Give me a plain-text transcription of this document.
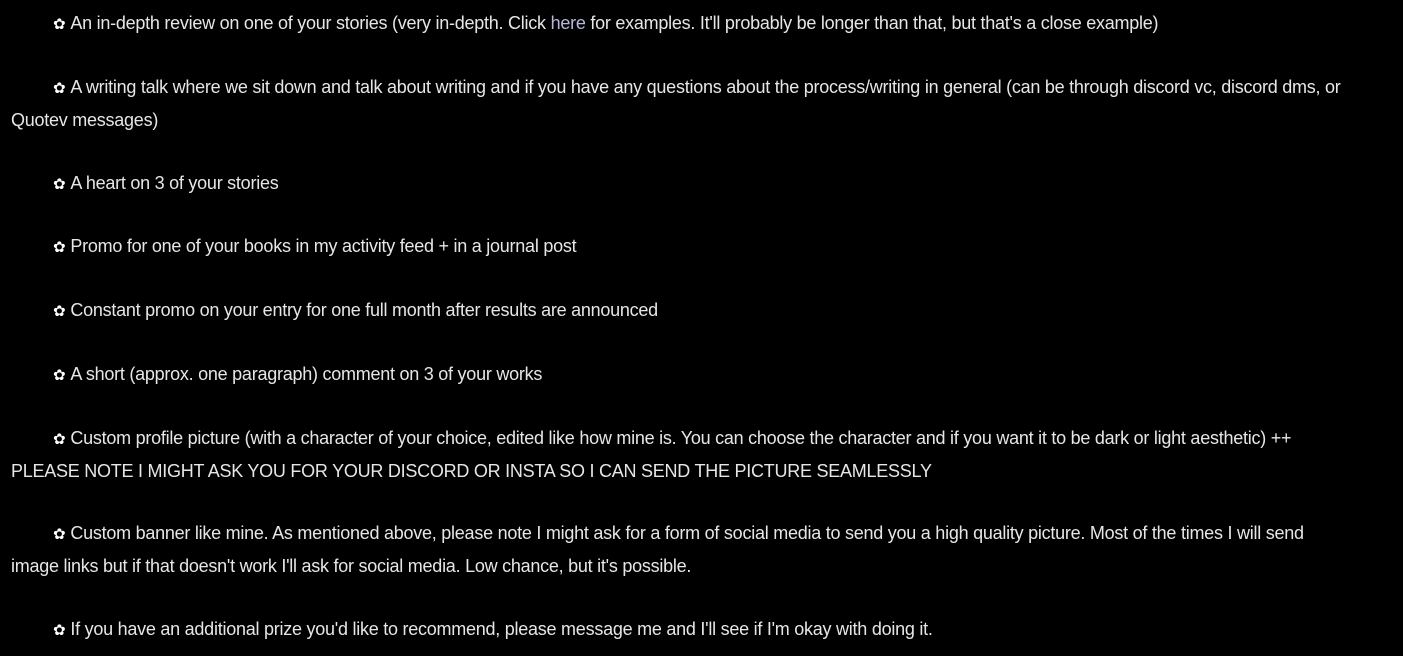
✿ An in-depth review on one of your stories (very in-depth. Click here for examples. It'll probably be longer than that, but that's a close example)

✿ A writing talk where we sit down and talk about writing and if you have any questions about the process/writing in general (can be through discord vc, discord dms, or Quotev messages)

✿ A heart on 3 of your stories

✿ Promo for one of your books in my activity feed + in a journal post

✿ Constant promo on your entry for one full month after results are announced

✿ A short (approx. one paragraph) comment on 3 of your works

✿ Custom profile picture (with a character of your choice, edited like how mine is. You can choose the character and if you want it to be dark or light aesthetic) ++ PLEASE NOTE I MIGHT ASK YOU FOR YOUR DISCORD OR INSTA SO I CAN SEND THE PICTURE SEAMLESSLY

✿ Custom banner like mine. As mentioned above, please note I might ask for a form of social media to send you a high quality picture. Most of the times I will send image links but if that doesn't work I'll ask for social media. Low chance, but it's possible.

✿ If you have an additional prize you'd like to recommend, please message me and I'll see if I'm okay with doing it.
